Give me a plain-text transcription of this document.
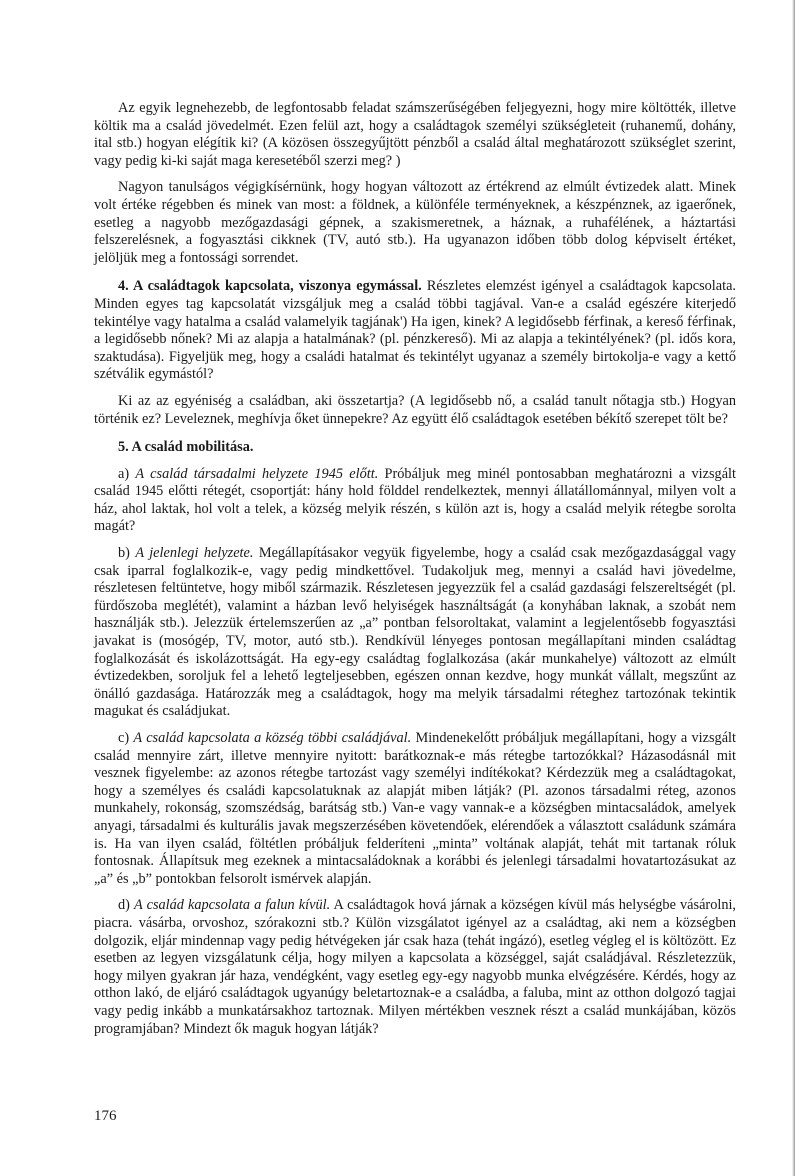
Az egyik legnehezebb, de legfontosabb feladat számszerűségében feljegyezni, hogy mire költötték, illetve költik ma a család jövedelmét. Ezen felül azt, hogy a családtagok személyi szükségleteit (ruhanemű, dohány, ital stb.) hogyan elégítik ki? (A közösen összegyűjtött pénzből a család által meghatározott szükséglet szerint, vagy pedig ki-ki saját maga keresetéből szerzi meg? )

Nagyon tanulságos végigkísérnünk, hogy hogyan változott az értékrend az elmúlt évtizedek alatt. Minek volt értéke régebben és minek van most: a földnek, a különféle terményeknek, a készpénznek, az igaerőnek, esetleg a nagyobb mezőgazdasági gépnek, a szakismeretnek, a háznak, a ruhafélének, a háztartási felszerelésnek, a fogyasztási cikknek (TV, autó stb.). Ha ugyanazon időben több dolog képviselt értéket, jelöljük meg a fontossági sorrendet.

4. A családtagok kapcsolata, viszonya egymással. Részletes elemzést igényel a családtagok kapcsolata. Minden egyes tag kapcsolatát vizsgáljuk meg a család többi tagjával. Van-e a család egészére kiterjedő tekintélye vagy hatalma a család valamelyik tagjának') Ha igen, kinek? A legidősebb férfinak, a kereső férfinak, a legidősebb nőnek? Mi az alapja a hatalmának? (pl. pénzkereső). Mi az alapja a tekintélyének? (pl. idős kora, szaktudása). Figyeljük meg, hogy a családi hatalmat és tekintélyt ugyanaz a személy birtokolja-e vagy a kettő szétválik egymástól?

Ki az az egyéniség a családban, aki összetartja? (A legidősebb nő, a család tanult nőtagja stb.) Hogyan történik ez? Leveleznek, meghívja őket ünnepekre? Az együtt élő családtagok esetében békítő szerepet tölt be?

5. A család mobilitása.

a) A család társadalmi helyzete 1945 előtt. Próbáljuk meg minél pontosabban meghatározni a vizsgált család 1945 előtti rétegét, csoportját: hány hold földdel rendelkeztek, mennyi állatállománnyal, milyen volt a ház, ahol laktak, hol volt a telek, a község melyik részén, s külön azt is, hogy a család melyik rétegbe sorolta magát?

b) A jelenlegi helyzete. Megállapításakor vegyük figyelembe, hogy a család csak mezőgazdasággal vagy csak iparral foglalkozik-e, vagy pedig mindkettővel. Tudakoljuk meg, mennyi a család havi jövedelme, részletesen feltüntetve, hogy miből származik. Részletesen jegyezzük fel a család gazdasági felszereltségét (pl. fürdőszoba meglétét), valamint a házban levő helyiségek használtságát (a konyhában laknak, a szobát nem használják stb.). Jelezzük értelemszerűen az „a” pontban felsoroltakat, valamint a legjelentősebb fogyasztási javakat is (mosógép, TV, motor, autó stb.). Rendkívül lényeges pontosan megállapítani minden családtag foglalkozását és iskolázottságát. Ha egy-egy családtag foglalkozása (akár munkahelye) változott az elmúlt évtizedekben, soroljuk fel a lehető legteljesebben, egészen onnan kezdve, hogy munkát vállalt, megszűnt az önálló gazdasága. Határozzák meg a családtagok, hogy ma melyik társadalmi réteghez tartozónak tekintik magukat és családjukat.

c) A család kapcsolata a község többi családjával. Mindenekelőtt próbáljuk megállapítani, hogy a vizsgált család mennyire zárt, illetve mennyire nyitott: barátkoznak-e más rétegbe tartozókkal? Házasodásnál mit vesznek figyelembe: az azonos rétegbe tartozást vagy személyi indítékokat? Kérdezzük meg a családtagokat, hogy a személyes és családi kapcsolatuknak az alapját miben látják? (Pl. azonos társadalmi réteg, azonos munkahely, rokonság, szomszédság, barátság stb.) Van-e vagy vannak-e a községben mintacsaládok, amelyek anyagi, társadalmi és kulturális javak megszerzésében követendőek, elérendőek a választott családunk számára is. Ha van ilyen család, föltétlen próbáljuk felderíteni „minta” voltának alapját, tehát mit tartanak róluk fontosnak. Állapítsuk meg ezeknek a mintacsaládoknak a korábbi és jelenlegi társadalmi hovatartozásukat az „a” és „b” pontokban felsorolt ismérvek alapján.

d) A család kapcsolata a falun kívül. A családtagok hová járnak a községen kívül más helységbe vásárolni, piacra. vásárba, orvoshoz, szórakozni stb.? Külön vizsgálatot igényel az a családtag, aki nem a községben dolgozik, eljár mindennap vagy pedig hétvégeken jár csak haza (tehát ingázó), esetleg végleg el is költözött. Ez esetben az legyen vizsgálatunk célja, hogy milyen a kapcsolata a községgel, saját családjával. Részletezzük, hogy milyen gyakran jár haza, vendégként, vagy esetleg egy-egy nagyobb munka elvégzésére. Kérdés, hogy az otthon lakó, de eljáró családtagok ugyanúgy beletartoznak-e a családba, a faluba, mint az otthon dolgozó tagjai vagy pedig inkább a munkatársakhoz tartoznak. Milyen mértékben vesznek részt a család munkájában, közös programjában? Mindezt ők maguk hogyan látják?

176
